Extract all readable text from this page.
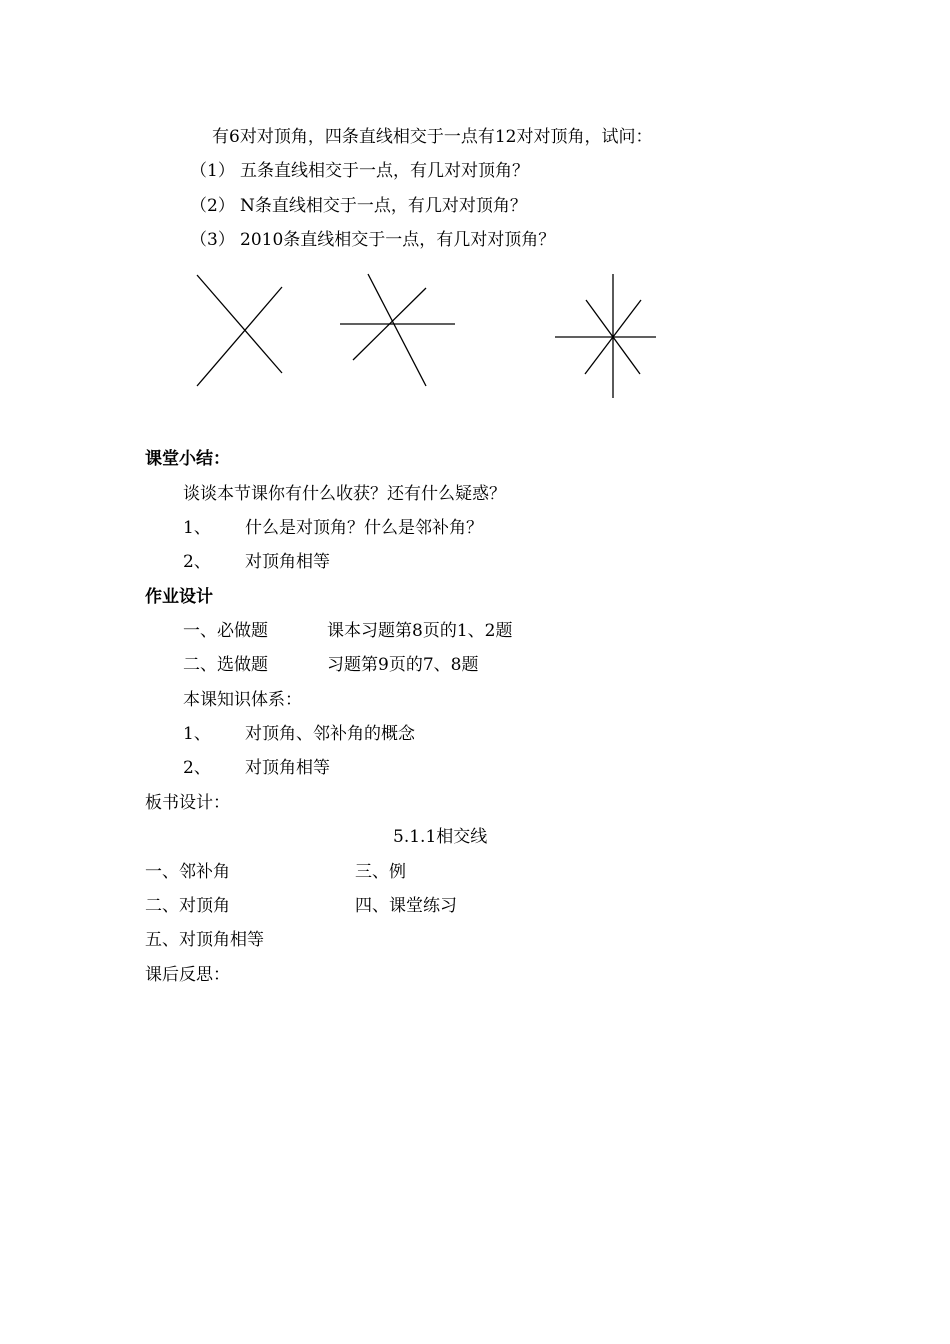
有6对对顶角，四条直线相交于一点有12对对顶角，试问：
（1） 五条直线相交于一点，有几对对顶角？
（2） N条直线相交于一点，有几对对顶角？
（3） 2010条直线相交于一点，有几对对顶角？
课堂小结：
谈谈本节课你有什么收获？还有什么疑惑？
1、 什么是对顶角？什么是邻补角？
2、 对顶角相等
作业设计
一、必做题	课本习题第8页的1、2题
二、选做题	习题第9页的7、8题
本课知识体系：
1、 对顶角、邻补角的概念
2、 对顶角相等
板书设计：
5.1.1相交线
一、邻补角	三、例
二、对顶角	四、课堂练习
五、对顶角相等
课后反思：
